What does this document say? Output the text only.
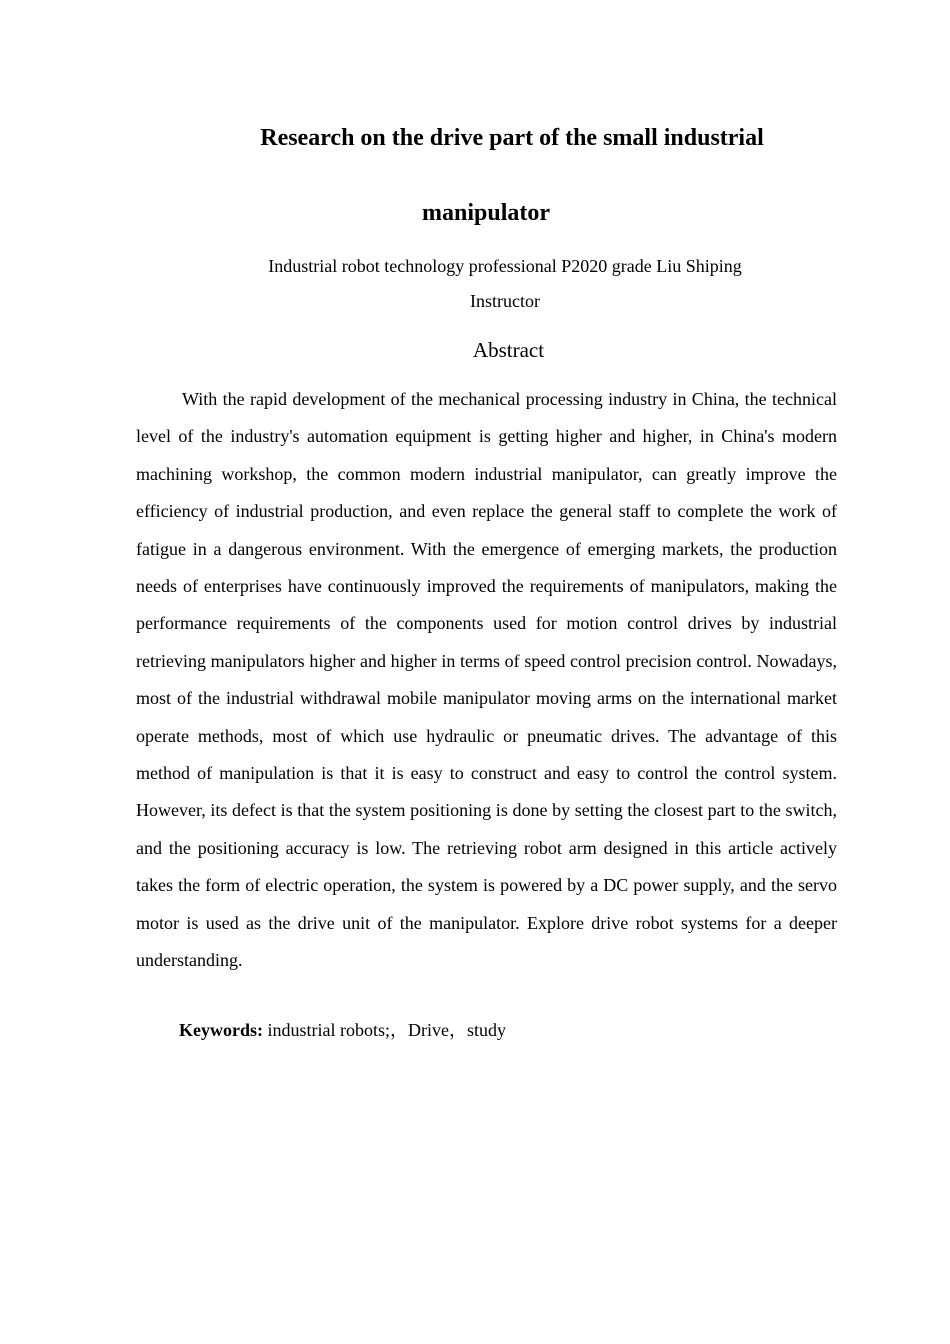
Research on the drive part of the small industrial
manipulator
Industrial robot technology professional P2020 grade Liu Shiping
Instructor
Abstract

With the rapid development of the mechanical processing industry in China, the technical level of the industry's automation equipment is getting higher and higher, in China's modern machining workshop, the common modern industrial manipulator, can greatly improve the efficiency of industrial production, and even replace the general staff to complete the work of fatigue in a dangerous environment. With the emergence of emerging markets, the production needs of enterprises have continuously improved the requirements of manipulators, making the performance requirements of the components used for motion control drives by industrial retrieving manipulators higher and higher in terms of speed control precision control. Nowadays, most of the industrial withdrawal mobile manipulator moving arms on the international market operate methods, most of which use hydraulic or pneumatic drives. The advantage of this method of manipulation is that it is easy to construct and easy to control the control system. However, its defect is that the system positioning is done by setting the closest part to the switch, and the positioning accuracy is low. The retrieving robot arm designed in this article actively takes the form of electric operation, the system is powered by a DC power supply, and the servo motor is used as the drive unit of the manipulator. Explore drive robot systems for a deeper understanding.

Keywords: industrial robots;，Drive，study
